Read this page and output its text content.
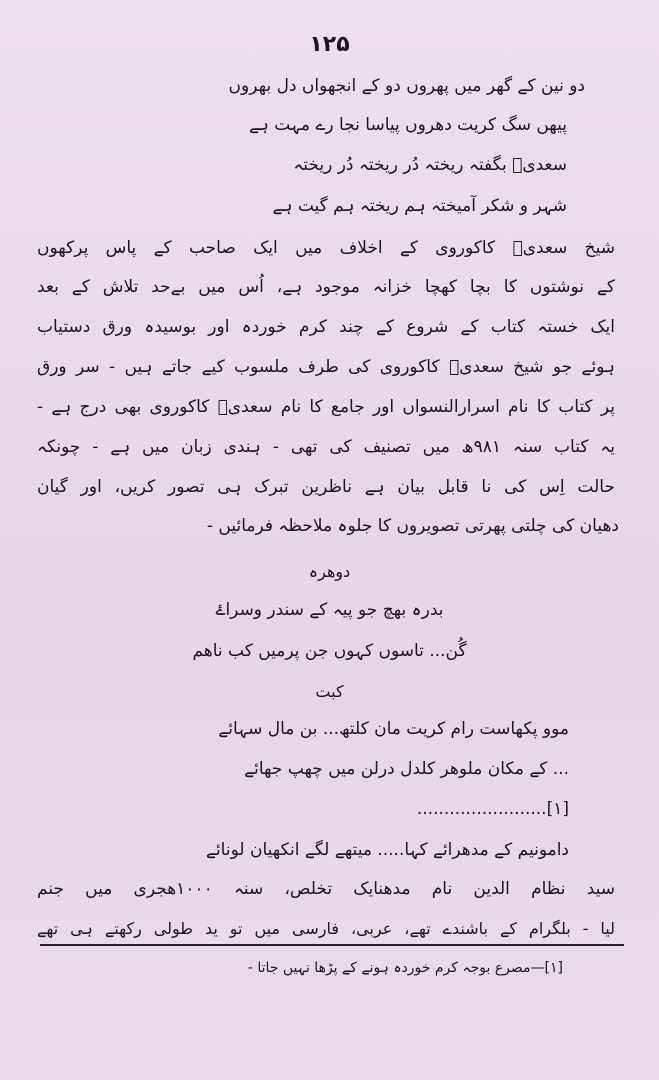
۱۲۵
دو نین کے گھر میں پھروں دو کے انجھواں دل بھروں
پیھں سگ کریت دھروں پیاسا نجا رے مہت ہے
سعدیؔ بگفتہ ریختہ دُر ریختہ دُر ریختہ
شہر و شکر آمیختہ ہم ریختہ ہم گیت ہے
شیخ سعدیؔ کاکوروی کے اخلاف میں ایک صاحب کے پاس پرکھوں
کے نوشتوں کا بچا کھچا خزانہ موجود ہے، اُس میں بےحد تلاش کے بعد
ایک خستہ کتاب کے شروع کے چند کرم خوردہ اور بوسیدہ ورق دستیاب
ہوئے جو شیخ سعدیؔ کاکوروی کی طرف ملسوب کیے جاتے ہیں - سر ورق
پر کتاب کا نام اسرارالنسواں اور جامع کا نام سعدیؔ کاکوروی بھی درج ہے -
یہ کتاب سنہ ۹۸۱ھ میں تصنیف کی تھی - ہندی زبان میں ہے - چونکہ
حالت اِس کی نا قابل بیان ہے ناظرین تبرک ہی تصور کریں، اور گیان
دھیان کی چلتی پھرتی تصویروں کا جلوہ ملاحظہ فرمائیں -
دوھرہ
بدرہ بھچ جو پیہ کے سندر وسراۓ
گُن... تاسوں کہوں جن پرمیں کب ناھم
کبت
موو پکھاست رام کریت مان کلتھ... بن مال سہائے
... کے مکان ملوھر کلدل درلن میں چھپ جھائے
[۱]........................
دامونیم کے مدھرائے کہا..... میتھے لگے انکھیان لونائے
سید نظام الدین نام مدھنایک تخلص، سنہ ۱۰۰۰ھجری میں جنم
لیا - بلگرام کے باشندے تھے، عربی، فارسی میں تو ید طولی رکھتے ہی تھے
[۱]—مصرع بوجہ کرم خوردہ ہونے کے پڑھا نہیں جاتا -
